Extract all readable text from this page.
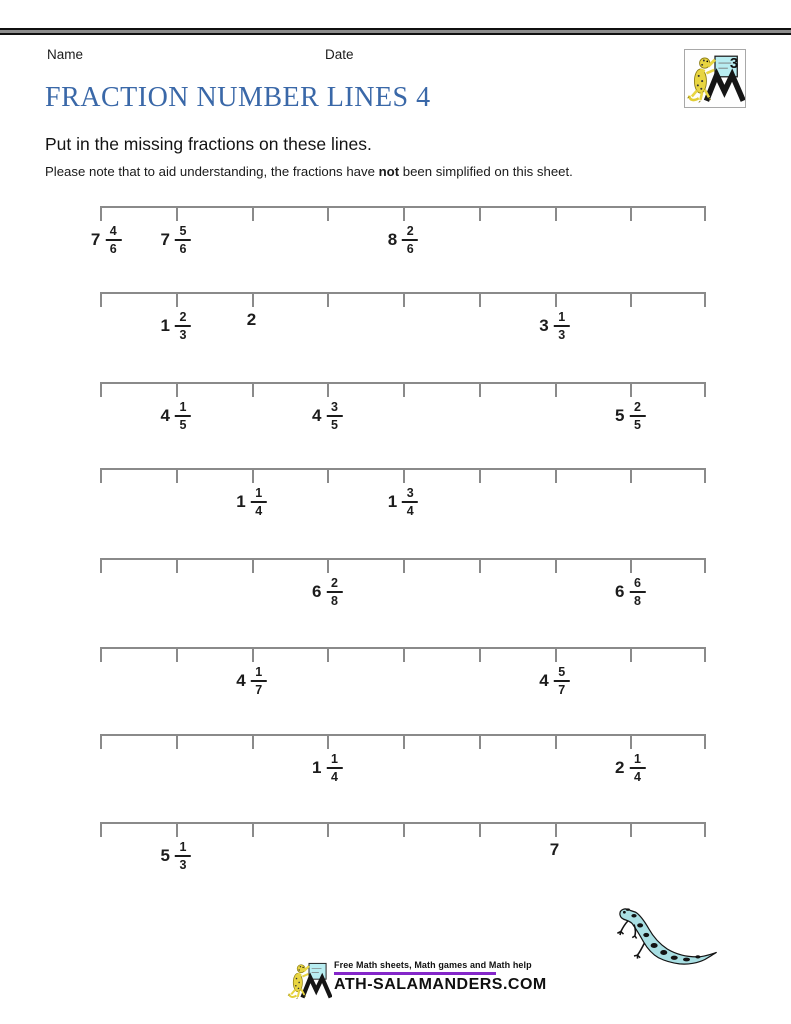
Name	Date
3
FRACTION NUMBER LINES 4
Put in the missing fractions on these lines.
Please note that to aid understanding, the fractions have not been simplified on this sheet.
7 4
6	7 5
6	8 2
6
1 2
3
2	3 1
3
4 1
5	4 3
5	5 2
5
1 1
4	1 3
4
6 2
8	6 6
8
4 1
7	4 5
7
1 1
4	2 1
4
5 1
3
7
Free Math sheets, Math games and Math help
ATH-SALAMANDERS.COM
